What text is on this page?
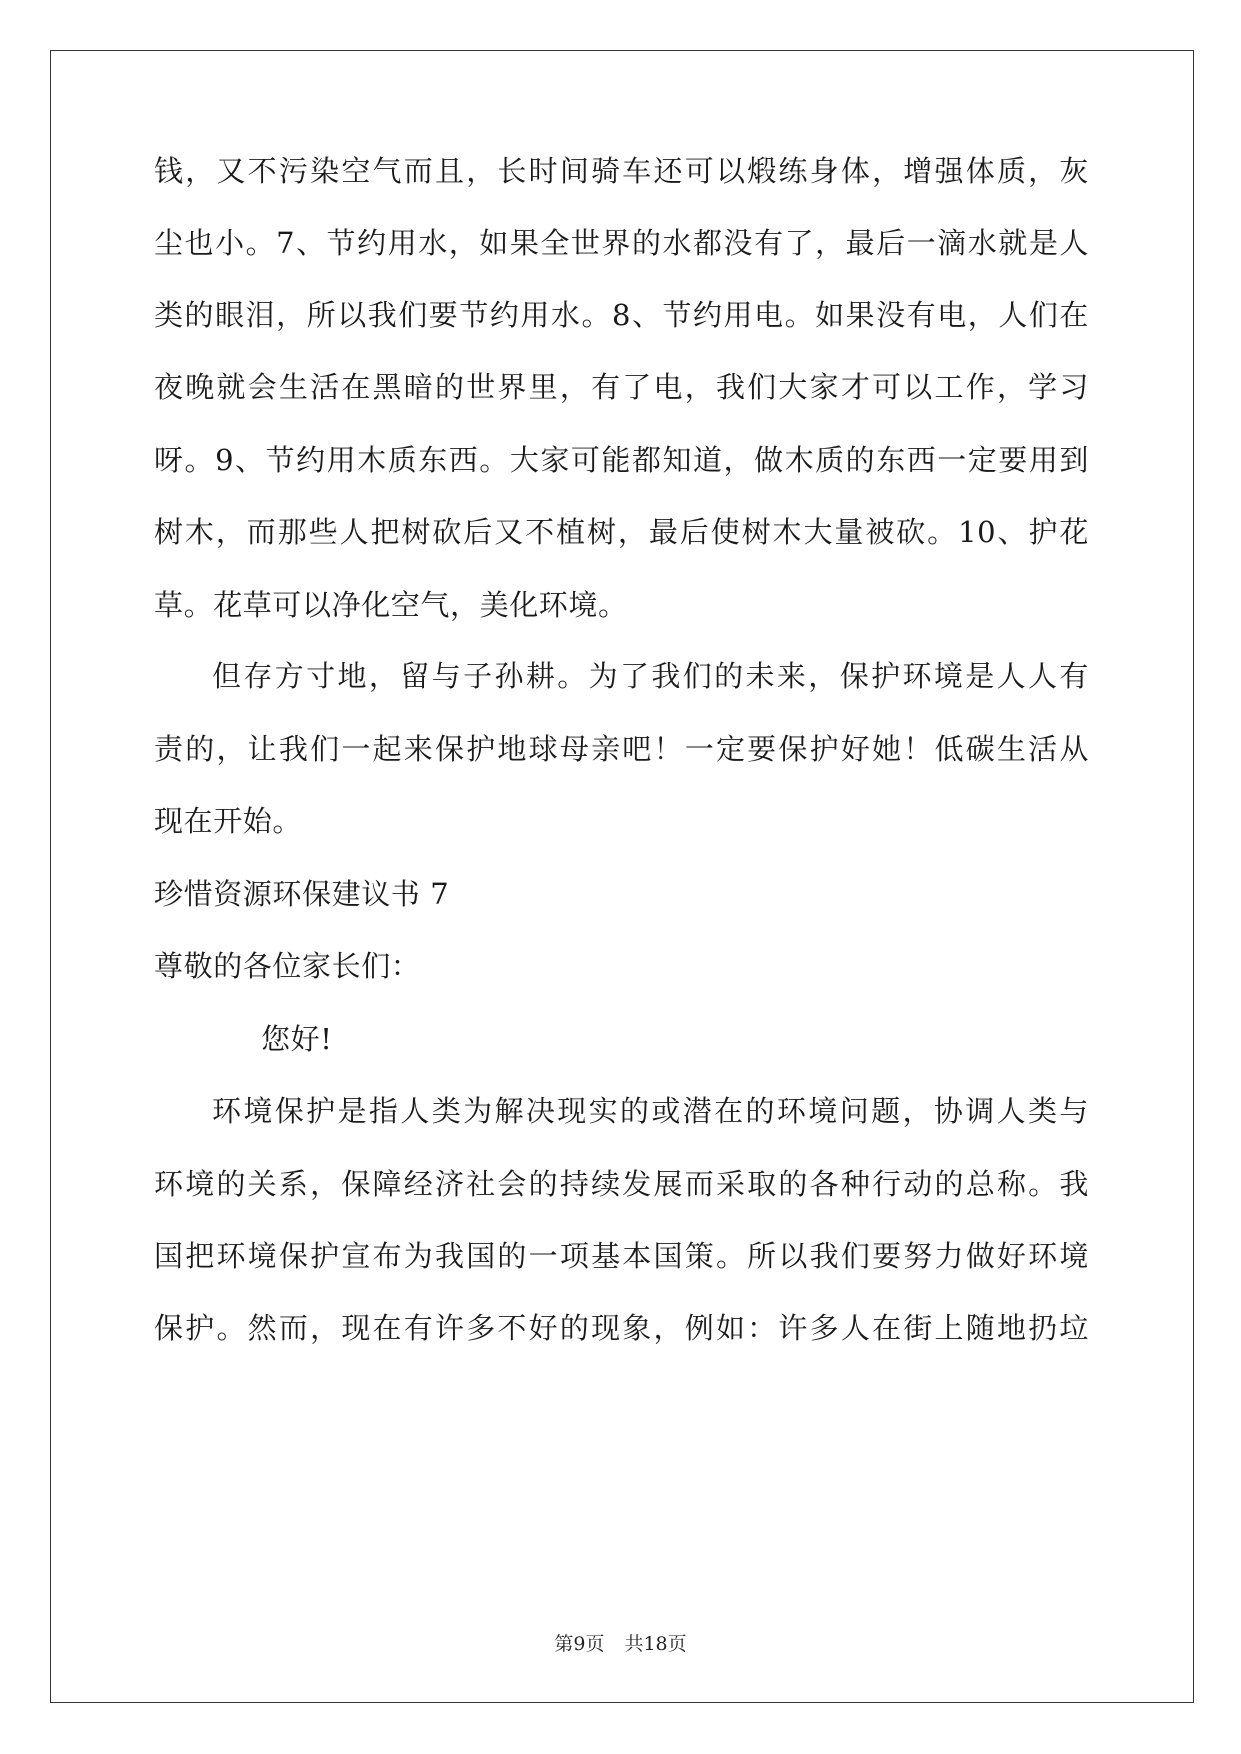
钱，又不污染空气而且，长时间骑车还可以煅练身体，增强体质，灰
尘也小。7、节约用水，如果全世界的水都没有了，最后一滴水就是人
类的眼泪，所以我们要节约用水。8、节约用电。如果没有电，人们在
夜晚就会生活在黑暗的世界里，有了电，我们大家才可以工作，学习
呀。9、节约用木质东西。大家可能都知道，做木质的东西一定要用到
树木，而那些人把树砍后又不植树，最后使树木大量被砍。10、护花
草。花草可以净化空气，美化环境。
但存方寸地，留与子孙耕。为了我们的未来，保护环境是人人有
责的，让我们一起来保护地球母亲吧！一定要保护好她！低碳生活从
现在开始。
珍惜资源环保建议书 7
尊敬的各位家长们：
您好!
环境保护是指人类为解决现实的或潜在的环境问题，协调人类与
环境的关系，保障经济社会的持续发展而采取的各种行动的总称。我
国把环境保护宣布为我国的一项基本国策。所以我们要努力做好环境
保护。然而，现在有许多不好的现象，例如：许多人在街上随地扔垃
第9页 共18页
